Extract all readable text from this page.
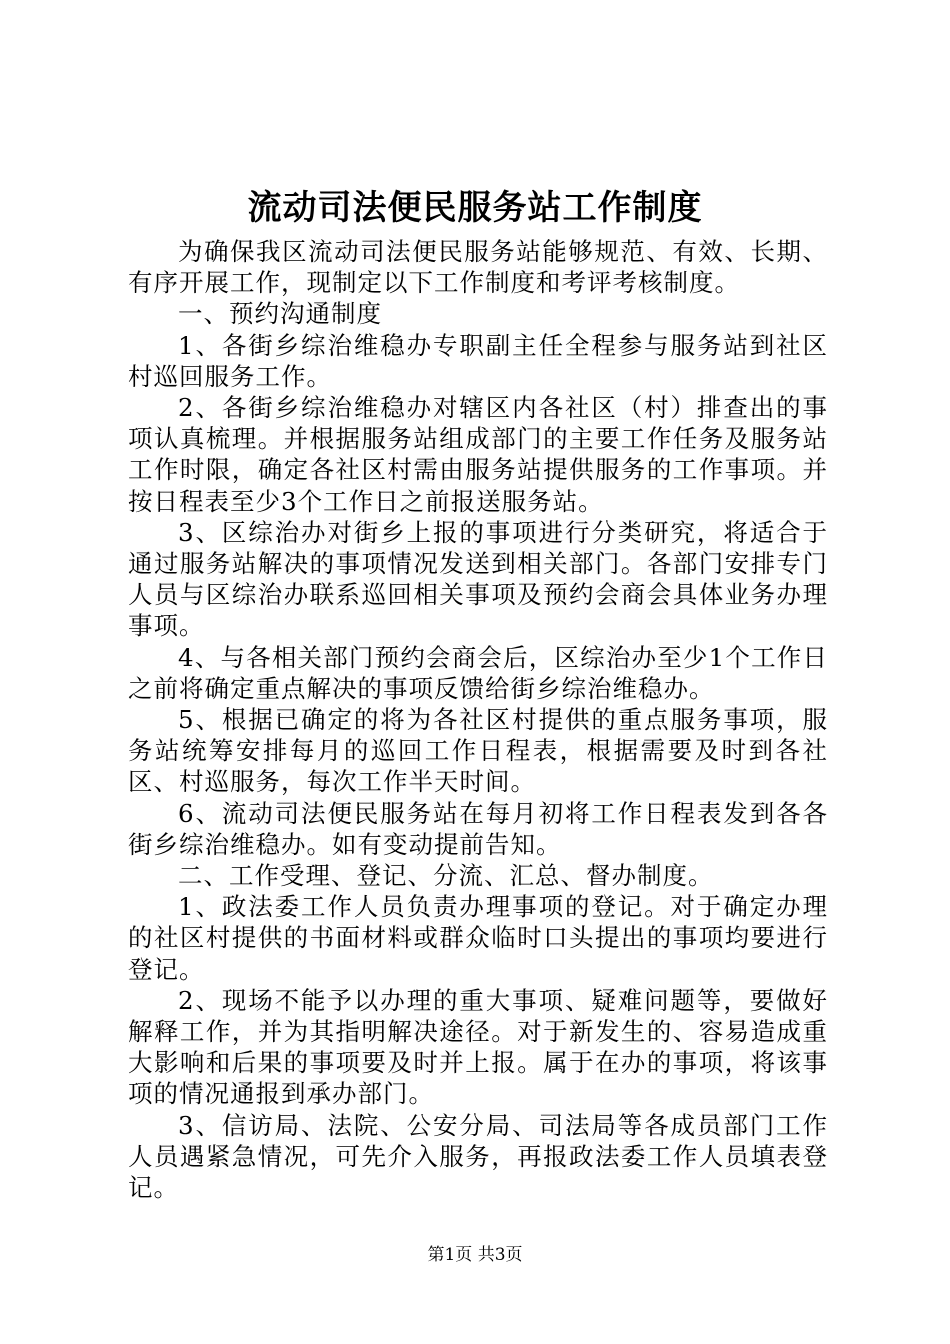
流动司法便民服务站工作制度

为确保我区流动司法便民服务站能够规范、有效、长期、有序开展工作，现制定以下工作制度和考评考核制度。

一、预约沟通制度

1、各街乡综治维稳办专职副主任全程参与服务站到社区村巡回服务工作。

2、各街乡综治维稳办对辖区内各社区（村）排查出的事项认真梳理。并根据服务站组成部门的主要工作任务及服务站工作时限，确定各社区村需由服务站提供服务的工作事项。并按日程表至少3个工作日之前报送服务站。

3、区综治办对街乡上报的事项进行分类研究，将适合于通过服务站解决的事项情况发送到相关部门。各部门安排专门人员与区综治办联系巡回相关事项及预约会商会具体业务办理事项。

4、与各相关部门预约会商会后，区综治办至少1个工作日之前将确定重点解决的事项反馈给街乡综治维稳办。

5、根据已确定的将为各社区村提供的重点服务事项，服务站统筹安排每月的巡回工作日程表，根据需要及时到各社区、村巡服务，每次工作半天时间。

6、流动司法便民服务站在每月初将工作日程表发到各各街乡综治维稳办。如有变动提前告知。

二、工作受理、登记、分流、汇总、督办制度。

1、政法委工作人员负责办理事项的登记。对于确定办理的社区村提供的书面材料或群众临时口头提出的事项均要进行登记。

2、现场不能予以办理的重大事项、疑难问题等，要做好解释工作，并为其指明解决途径。对于新发生的、容易造成重大影响和后果的事项要及时并上报。属于在办的事项，将该事项的情况通报到承办部门。

3、信访局、法院、公安分局、司法局等各成员部门工作人员遇紧急情况，可先介入服务，再报政法委工作人员填表登记。

第1页 共3页
